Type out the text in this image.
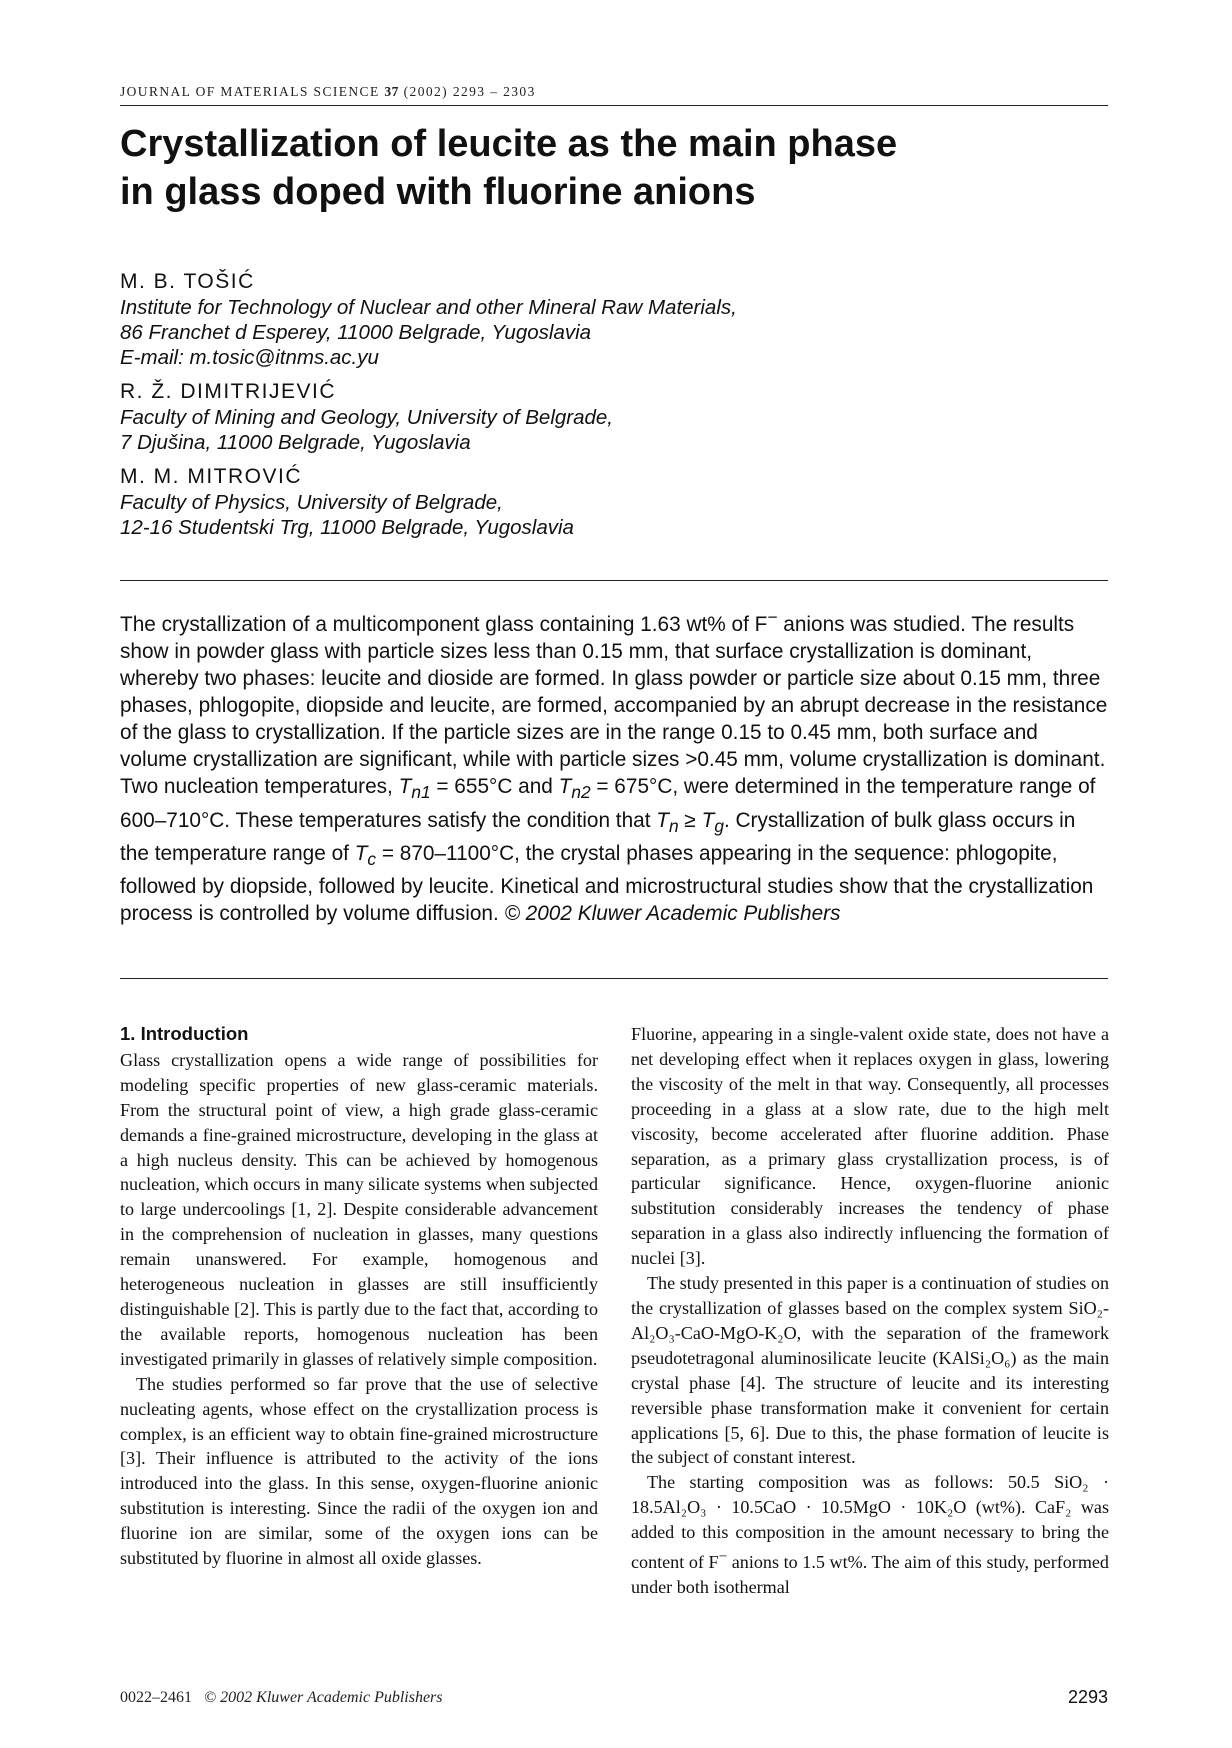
JOURNAL OF MATERIALS SCIENCE 37 (2002) 2293 – 2303
Crystallization of leucite as the main phase
in glass doped with fluorine anions
M. B. TOŠIĆ
Institute for Technology of Nuclear and other Mineral Raw Materials,
86 Franchet d Esperey, 11000 Belgrade, Yugoslavia
E-mail: m.tosic@itnms.ac.yu
R. Ž. DIMITRIJEVIĆ
Faculty of Mining and Geology, University of Belgrade,
7 Djušina, 11000 Belgrade, Yugoslavia
M. M. MITROVIĆ
Faculty of Physics, University of Belgrade,
12-16 Studentski Trg, 11000 Belgrade, Yugoslavia

The crystallization of a multicomponent glass containing 1.63 wt% of F− anions was studied. The results show in powder glass with particle sizes less than 0.15 mm, that surface crystallization is dominant, whereby two phases: leucite and dioside are formed. In glass powder or particle size about 0.15 mm, three phases, phlogopite, diopside and leucite, are formed, accompanied by an abrupt decrease in the resistance of the glass to crystallization. If the particle sizes are in the range 0.15 to 0.45 mm, both surface and volume crystallization are significant, while with particle sizes >0.45 mm, volume crystallization is dominant. Two nucleation temperatures, $T_{n1} = 655^\circ C$ and $T_{n2} = 675^\circ C$, were determined in the temperature range of 600–710°C. These temperatures satisfy the condition that $T_n \ge T_g$. Crystallization of bulk glass occurs in the temperature range of $T_c = 870-1100^\circ C$, the crystal phases appearing in the sequence: phlogopite, followed by diopside, followed by leucite. Kinetical and microstructural studies show that the crystallization process is controlled by volume diffusion. © 2002 Kluwer Academic Publishers

1. Introduction

Glass crystallization opens a wide range of possibilities for modeling specific properties of new glass-ceramic materials. From the structural point of view, a high grade glass-ceramic demands a fine-grained microstructure, developing in the glass at a high nucleus density. This can be achieved by homogenous nucleation, which occurs in many silicate systems when subjected to large undercoolings [1, 2]. Despite considerable advancement in the comprehension of nucleation in glasses, many questions remain unanswered. For example, homogenous and heterogeneous nucleation in glasses are still insufficiently distinguishable [2]. This is partly due to the fact that, according to the available reports, homogenous nucleation has been investigated primarily in glasses of relatively simple composition.

The studies performed so far prove that the use of selective nucleating agents, whose effect on the crystallization process is complex, is an efficient way to obtain fine-grained microstructure [3]. Their influence is attributed to the activity of the ions introduced into the glass. In this sense, oxygen-fluorine anionic substitution is interesting. Since the radii of the oxygen ion and fluorine ion are similar, some of the oxygen ions can be substituted by fluorine in almost all oxide glasses.

Fluorine, appearing in a single-valent oxide state, does not have a net developing effect when it replaces oxygen in glass, lowering the viscosity of the melt in that way. Consequently, all processes proceeding in a glass at a slow rate, due to the high melt viscosity, become accelerated after fluorine addition. Phase separation, as a primary glass crystallization process, is of particular significance. Hence, oxygen-fluorine anionic substitution considerably increases the tendency of phase separation in a glass also indirectly influencing the formation of nuclei [3].

The study presented in this paper is a continuation of studies on the crystallization of glasses based on the complex system SiO₂-Al₂O₃-CaO-MgO-K₂O, with the separation of the framework pseudotetragonal aluminosilicate leucite (KAlSi₂O₆) as the main crystal phase [4]. The structure of leucite and its interesting reversible phase transformation make it convenient for certain applications [5, 6]. Due to this, the phase formation of leucite is the subject of constant interest.

The starting composition was as follows: 50.5 SiO₂ · 18.5Al₂O₃ · 10.5CaO · 10.5MgO · 10K₂O (wt%). CaF₂ was added to this composition in the amount necessary to bring the content of F− anions to 1.5 wt%. The aim of this study, performed under both isothermal

0022–2461 © 2002 Kluwer Academic Publishers	2293
